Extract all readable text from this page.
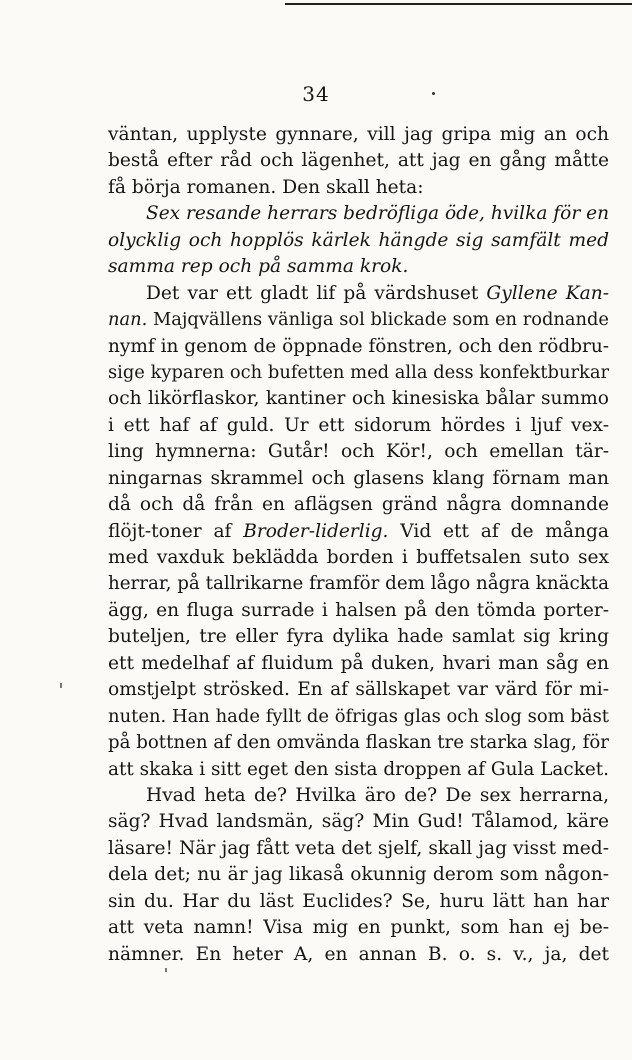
34
väntan, upplyste gynnare, vill jag gripa mig an och
bestå efter råd och lägenhet, att jag en gång måtte
få börja romanen. Den skall heta:
Sex resande herrars bedröfliga öde, hvilka för en
olycklig och hopplös kärlek hängde sig samfält med
samma rep och på samma krok.
Det var ett gladt lif på värdshuset Gyllene Kan-
nan. Majqvällens vänliga sol blickade som en rodnande
nymf in genom de öppnade fönstren, och den rödbru-
sige kyparen och bufetten med alla dess konfektburkar
och likörflaskor, kantiner och kinesiska bålar summo
i ett haf af guld. Ur ett sidorum hördes i ljuf vex-
ling hymnerna: Gutår! och Kör!, och emellan tär-
ningarnas skrammel och glasens klang förnam man
då och då från en aflägsen gränd några domnande
flöjt-toner af Broder-liderlig. Vid ett af de många
med vaxduk beklädda borden i buffetsalen suto sex
herrar, på tallrikarne framför dem lågo några knäckta
ägg, en fluga surrade i halsen på den tömda porter-
buteljen, tre eller fyra dylika hade samlat sig kring
ett medelhaf af fluidum på duken, hvari man såg en
omstjelpt strösked. En af sällskapet var värd för mi-
nuten. Han hade fyllt de öfrigas glas och slog som bäst
på bottnen af den omvända flaskan tre starka slag, för
att skaka i sitt eget den sista droppen af Gula Lacket.
Hvad heta de? Hvilka äro de? De sex herrarna,
säg? Hvad landsmän, säg? Min Gud! Tålamod, käre
läsare! När jag fått veta det sjelf, skall jag visst med-
dela det; nu är jag likaså okunnig derom som någon-
sin du. Har du läst Euclides? Se, huru lätt han har
att veta namn! Visa mig en punkt, som han ej be-
nämner. En heter A, en annan B. o. s. v., ja, det
